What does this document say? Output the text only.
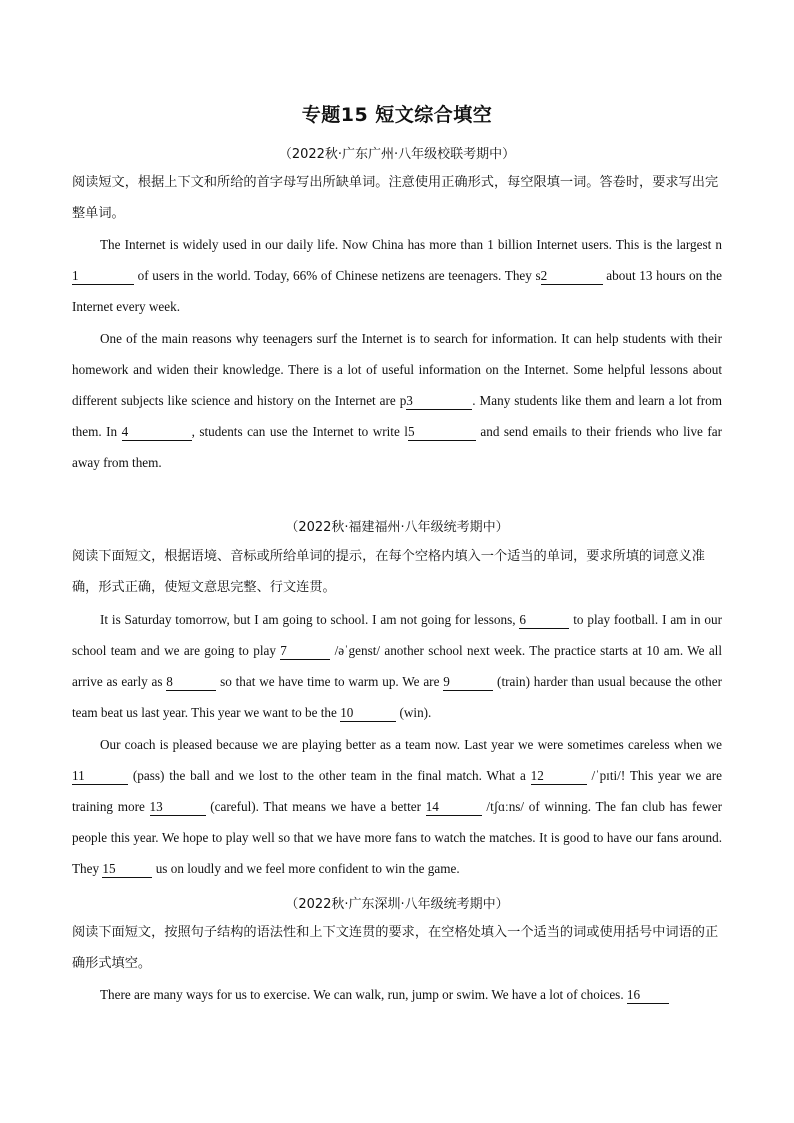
专题15 短文综合填空
（2022秋·广东广州·八年级校联考期中）
阅读短文，根据上下文和所给的首字母写出所缺单词。注意使用正确形式，每空限填一词。答卷时，要求写出完整单词。
The Internet is widely used in our daily life. Now China has more than 1 billion Internet users. This is the largest n1	of users in the world. Today, 66% of Chinese netizens are teenagers. They s2	about 13 hours on the Internet every week.
One of the main reasons why teenagers surf the Internet is to search for information. It can help students with their homework and widen their knowledge. There is a lot of useful information on the Internet. Some helpful lessons about different subjects like science and history on the Internet are p3	. Many students like them and learn a lot from them. In 4	, students can use the Internet to write l5	and send emails to their friends who live far away from them.
（2022秋·福建福州·八年级统考期中）
阅读下面短文，根据语境、音标或所给单词的提示，在每个空格内填入一个适当的单词，要求所填的词意义准确，形式正确，使短文意思完整、行文连贯。
It is Saturday tomorrow, but I am going to school. I am not going for lessons, 6	to play football. I am in our school team and we are going to play 7	/əˈgenst/ another school next week. The practice starts at 10 am. We all arrive as early as 8	so that we have time to warm up. We are 9	(train) harder than usual because the other team beat us last year. This year we want to be the 10	(win).
Our coach is pleased because we are playing better as a team now. Last year we were sometimes careless when we 11	(pass) the ball and we lost to the other team in the final match. What a 12	/ˈpɪti/! This year we are training more 13	(careful). That means we have a better 14	/tʃɑːns/ of winning. The fan club has fewer people this year. We hope to play well so that we have more fans to watch the matches. It is good to have our fans around. They 15	us on loudly and we feel more confident to win the game.
（2022秋·广东深圳·八年级统考期中）
阅读下面短文，按照句子结构的语法性和上下文连贯的要求，在空格处填入一个适当的词或使用括号中词语的正确形式填空。
There are many ways for us to exercise. We can walk, run, jump or swim. We have a lot of choices. 16
